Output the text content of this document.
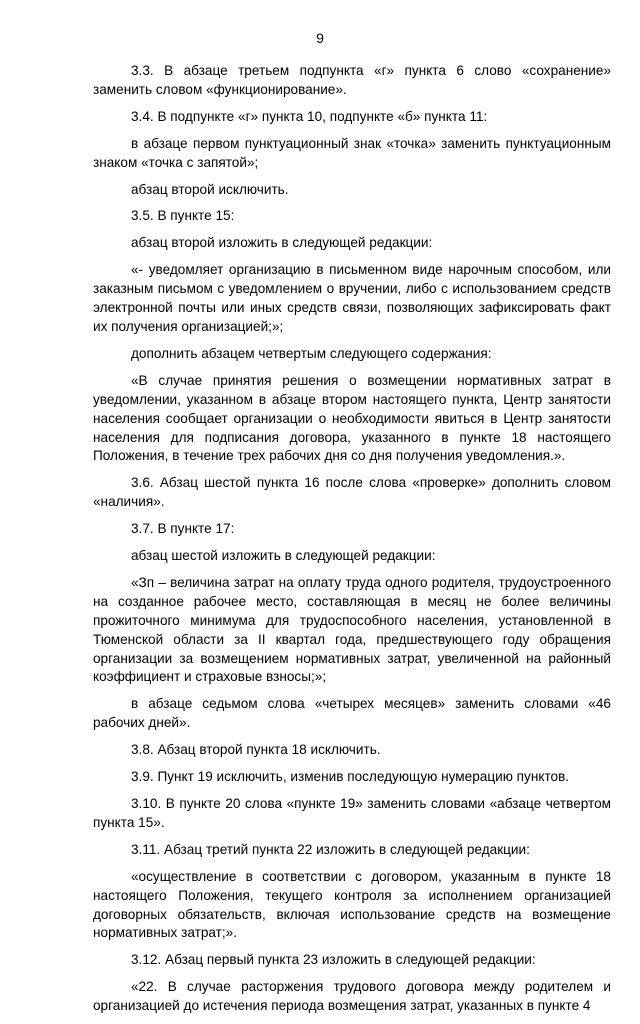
9

3.3. В абзаце третьем подпункта «г» пункта 6 слово «сохранение» заменить словом «функционирование».

3.4. В подпункте «г» пункта 10, подпункте «б» пункта 11:

в абзаце первом пунктуационный знак «точка» заменить пунктуационным знаком «точка с запятой»;

абзац второй исключить.

3.5. В пункте 15:

абзац второй изложить в следующей редакции:

«- уведомляет организацию в письменном виде нарочным способом, или заказным письмом с уведомлением о вручении, либо с использованием средств электронной почты или иных средств связи, позволяющих зафиксировать факт их получения организацией;»;

дополнить абзацем четвертым следующего содержания:

«В случае принятия решения о возмещении нормативных затрат в уведомлении, указанном в абзаце втором настоящего пункта, Центр занятости населения сообщает организации о необходимости явиться в Центр занятости населения для подписания договора, указанного в пункте 18 настоящего Положения, в течение трех рабочих дня со дня получения уведомления.».

3.6. Абзац шестой пункта 16 после слова «проверке» дополнить словом «наличия».

3.7. В пункте 17:

абзац шестой изложить в следующей редакции:

«Зп – величина затрат на оплату труда одного родителя, трудоустроенного на созданное рабочее место, составляющая в месяц не более величины прожиточного минимума для трудоспособного населения, установленной в Тюменской области за II квартал года, предшествующего году обращения организации за возмещением нормативных затрат, увеличенной на районный коэффициент и страховые взносы;»;

в абзаце седьмом слова «четырех месяцев» заменить словами «46 рабочих дней».

3.8. Абзац второй пункта 18 исключить.

3.9. Пункт 19 исключить, изменив последующую нумерацию пунктов.

3.10. В пункте 20 слова «пункте 19» заменить словами «абзаце четвертом пункта 15».

3.11. Абзац третий пункта 22 изложить в следующей редакции:

«осуществление в соответствии с договором, указанным в пункте 18 настоящего Положения, текущего контроля за исполнением организацией договорных обязательств, включая использование средств на возмещение нормативных затрат;».

3.12. Абзац первый пункта 23 изложить в следующей редакции:

«22. В случае расторжения трудового договора между родителем и организацией до истечения периода возмещения затрат, указанных в пункте 4
